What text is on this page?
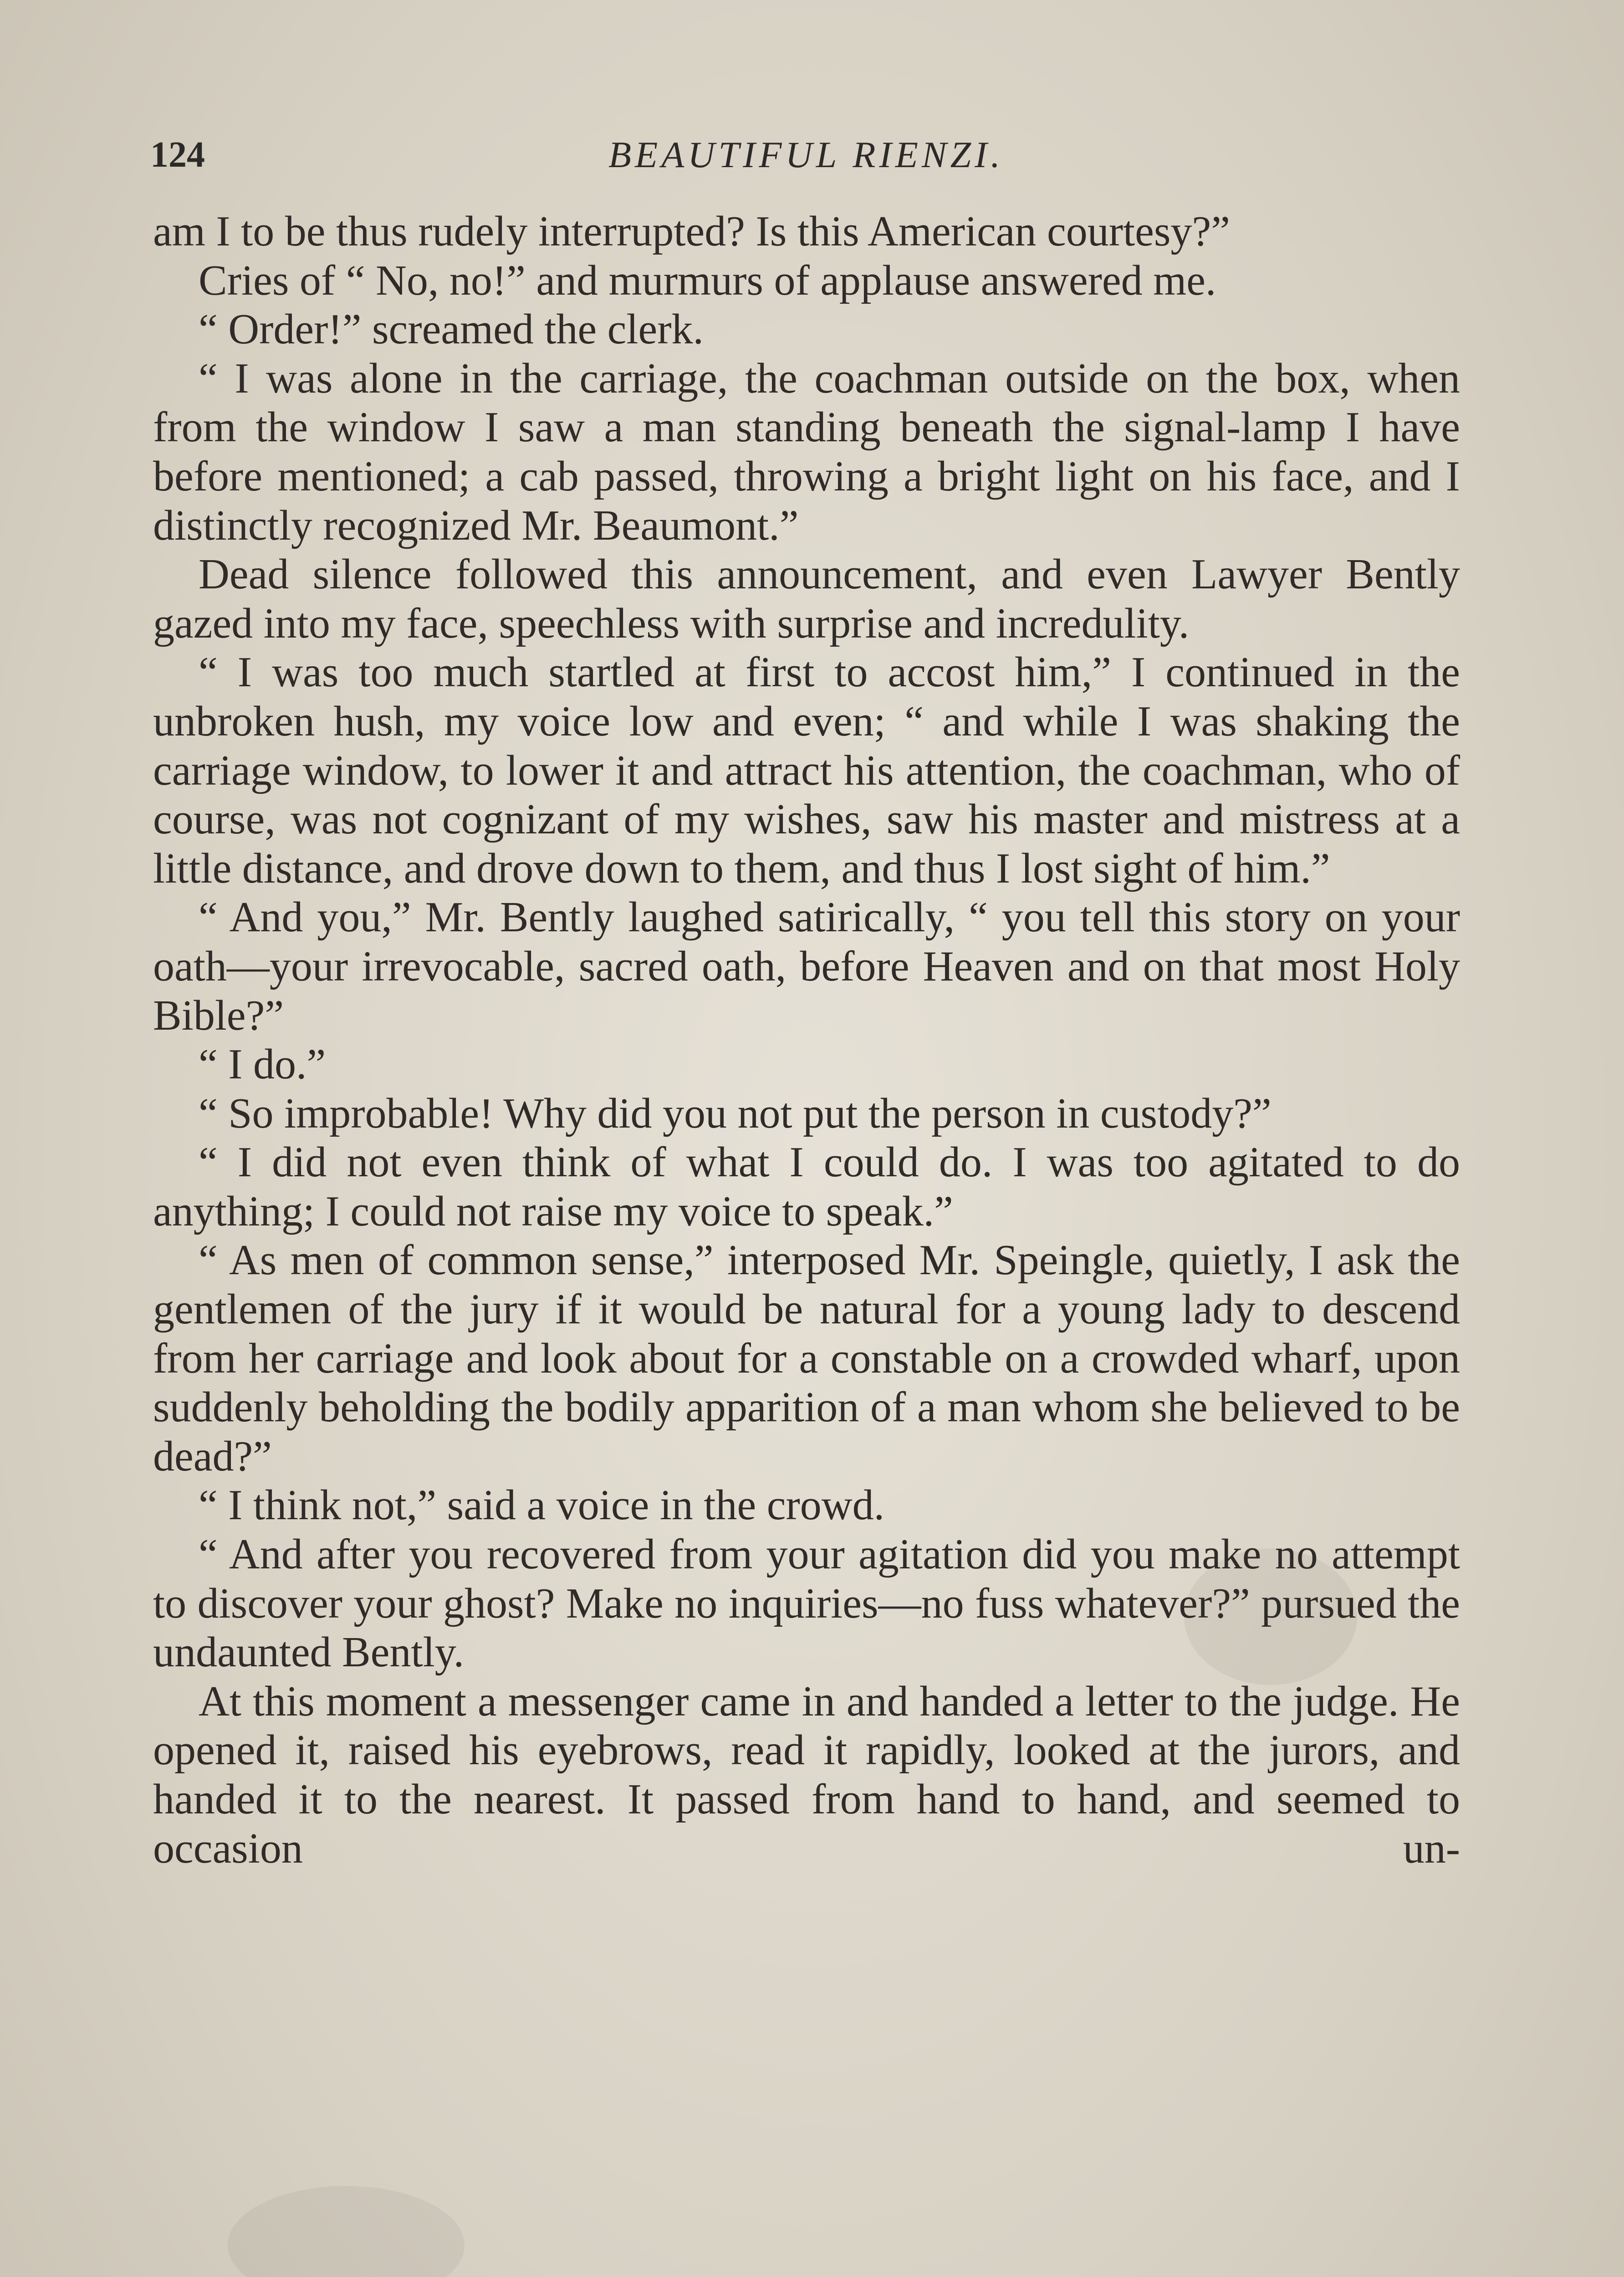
124	BEAUTIFUL RIENZI.

am I to be thus rudely interrupted? Is this American courtesy?”

Cries of “ No, no!” and murmurs of applause answered me.

“ Order!” screamed the clerk.

“ I was alone in the carriage, the coachman outside on the box, when from the window I saw a man standing beneath the signal-lamp I have before mentioned; a cab passed, throwing a bright light on his face, and I distinctly recognized Mr. Beaumont.”

Dead silence followed this announcement, and even Lawyer Bently gazed into my face, speechless with surprise and incredulity.

“ I was too much startled at first to accost him,” I continued in the unbroken hush, my voice low and even; “ and while I was shaking the carriage window, to lower it and attract his attention, the coachman, who of course, was not cognizant of my wishes, saw his master and mistress at a little distance, and drove down to them, and thus I lost sight of him.”

“ And you,” Mr. Bently laughed satirically, “ you tell this story on your oath—your irrevocable, sacred oath, before Heaven and on that most Holy Bible?”

“ I do.”

“ So improbable! Why did you not put the person in custody?”

“ I did not even think of what I could do. I was too agitated to do anything; I could not raise my voice to speak.”

“ As men of common sense,” interposed Mr. Speingle, quietly, I ask the gentlemen of the jury if it would be natural for a young lady to descend from her carriage and look about for a constable on a crowded wharf, upon suddenly beholding the bodily apparition of a man whom she believed to be dead?”

“ I think not,” said a voice in the crowd.

“ And after you recovered from your agitation did you make no attempt to discover your ghost? Make no inquiries—no fuss whatever?” pursued the undaunted Bently.

At this moment a messenger came in and handed a letter to the judge. He opened it, raised his eyebrows, read it rapidly, looked at the jurors, and handed it to the nearest. It passed from hand to hand, and seemed to occasion un-
